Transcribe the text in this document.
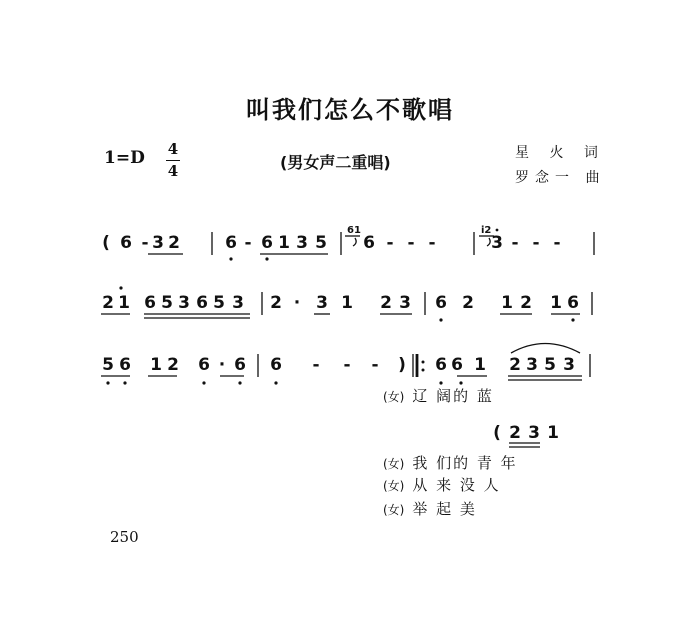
叫我们怎么不歌唱
1=D 4
4	(男女声二重唱)	星 火 词
罗念一 曲
( 6 - 3 2	6 - 6 1 3 5 6 - - -	3 - - -
61	i2
2 1 6 5 3 6 5 3 2 · 3 1 2 3 6 2 1 2 1 6
5 6 1 2 6 · 6 6 - - - ) 6 6 1 2 3 5 3
( 2 3 1
(女) 辽 阔的 蓝
(女) 我 们的 青 年
(女) 从 来 没 人
(女) 举 起 美
250
